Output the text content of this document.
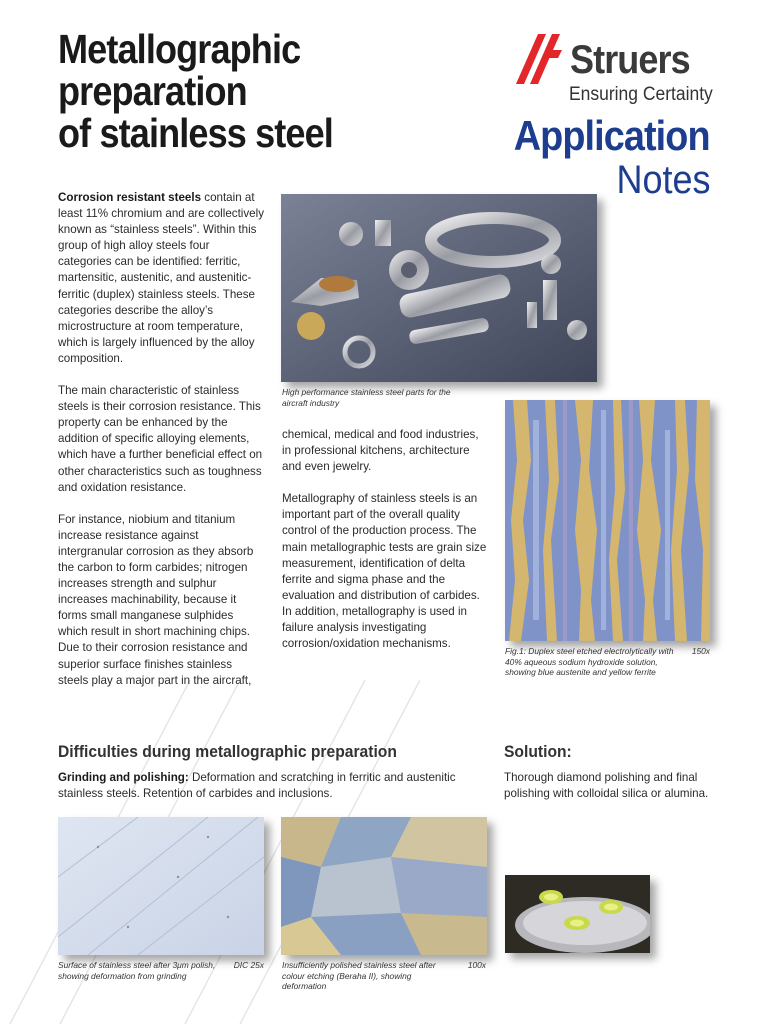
Metallographic
preparation
of stainless steel
Struers
Ensuring Certainty
Application
Notes

Corrosion resistant steels contain at least 11% chromium and are collectively known as “stainless steels”. Within this group of high alloy steels four categories can be identified: ferritic, martensitic, austenitic, and austenitic-ferritic (duplex) stainless steels. These categories describe the alloy’s microstructure at room temperature, which is largely influenced by the alloy composition.

The main characteristic of stainless steels is their corrosion resistance. This property can be enhanced by the addition of specific alloying elements, which have a further beneficial effect on other characteristics such as toughness and oxidation resistance.

For instance, niobium and titanium increase resistance against intergranular corrosion as they absorb the carbon to form carbides; nitrogen increases strength and sulphur increases machinability, because it forms small manganese sulphides which result in short machining chips. Due to their corrosion resistance and superior surface finishes stainless steels play a major part in the aircraft,

High performance stainless steel parts for the aircraft industry

chemical, medical and food industries, in professional kitchens, architecture and even jewelry.

Metallography of stainless steels is an important part of the overall quality control of the production process. The main metallographic tests are grain size measurement, identification of delta ferrite and sigma phase and the evaluation and distribution of carbides. In addition, metallography is used in failure analysis investigating corrosion/oxidation mechanisms.

Fig.1: Duplex steel etched electrolytically with 40% aqueous sodium hydroxide solution, showing blue austenite and yellow ferrite
150x
Difficulties during metallographic preparation
Grinding and polishing: Deformation and scratching in ferritic and austenitic stainless steels. Retention of carbides and inclusions.
Solution:
Thorough diamond polishing and final polishing with colloidal silica or alumina.
Surface of stainless steel after 3μm polish, showing deformation from grinding
DIC 25x Insufficiently polished stainless steel after colour etching (Beraha II), showing deformation
100x
